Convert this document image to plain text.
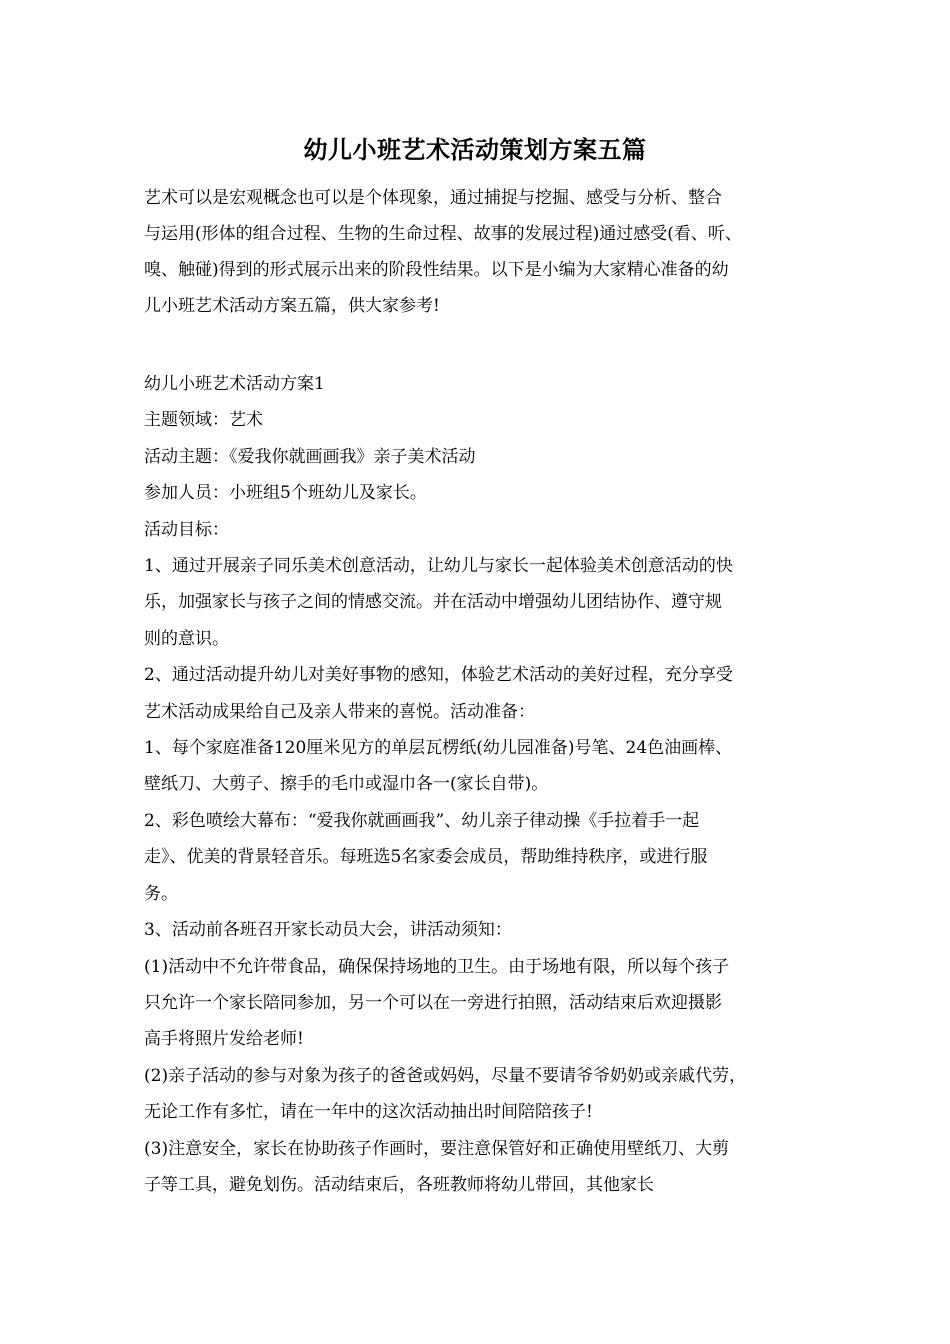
幼儿小班艺术活动策划方案五篇
艺术可以是宏观概念也可以是个体现象，通过捕捉与挖掘、感受与分析、整合
与运用(形体的组合过程、生物的生命过程、故事的发展过程)通过感受(看、听、
嗅、触碰)得到的形式展示出来的阶段性结果。以下是小编为大家精心准备的幼
儿小班艺术活动方案五篇，供大家参考!
幼儿小班艺术活动方案1
主题领域：艺术
活动主题：《爱我你就画画我》亲子美术活动
参加人员：小班组5个班幼儿及家长。
活动目标：
1、通过开展亲子同乐美术创意活动，让幼儿与家长一起体验美术创意活动的快
乐，加强家长与孩子之间的情感交流。并在活动中增强幼儿团结协作、遵守规
则的意识。
2、通过活动提升幼儿对美好事物的感知，体验艺术活动的美好过程，充分享受
艺术活动成果给自己及亲人带来的喜悦。活动准备：
1、每个家庭准备120厘米见方的单层瓦楞纸(幼儿园准备)号笔、24色油画棒、
壁纸刀、大剪子、擦手的毛巾或湿巾各一(家长自带)。
2、彩色喷绘大幕布：“爱我你就画画我”、幼儿亲子律动操《手拉着手一起
走》、优美的背景轻音乐。每班选5名家委会成员，帮助维持秩序，或进行服
务。
3、活动前各班召开家长动员大会，讲活动须知：
(1)活动中不允许带食品，确保保持场地的卫生。由于场地有限，所以每个孩子
只允许一个家长陪同参加，另一个可以在一旁进行拍照，活动结束后欢迎摄影
高手将照片发给老师!
(2)亲子活动的参与对象为孩子的爸爸或妈妈，尽量不要请爷爷奶奶或亲戚代劳，
无论工作有多忙，请在一年中的这次活动抽出时间陪陪孩子!
(3)注意安全，家长在协助孩子作画时，要注意保管好和正确使用壁纸刀、大剪
子等工具，避免划伤。活动结束后，各班教师将幼儿带回，其他家长
